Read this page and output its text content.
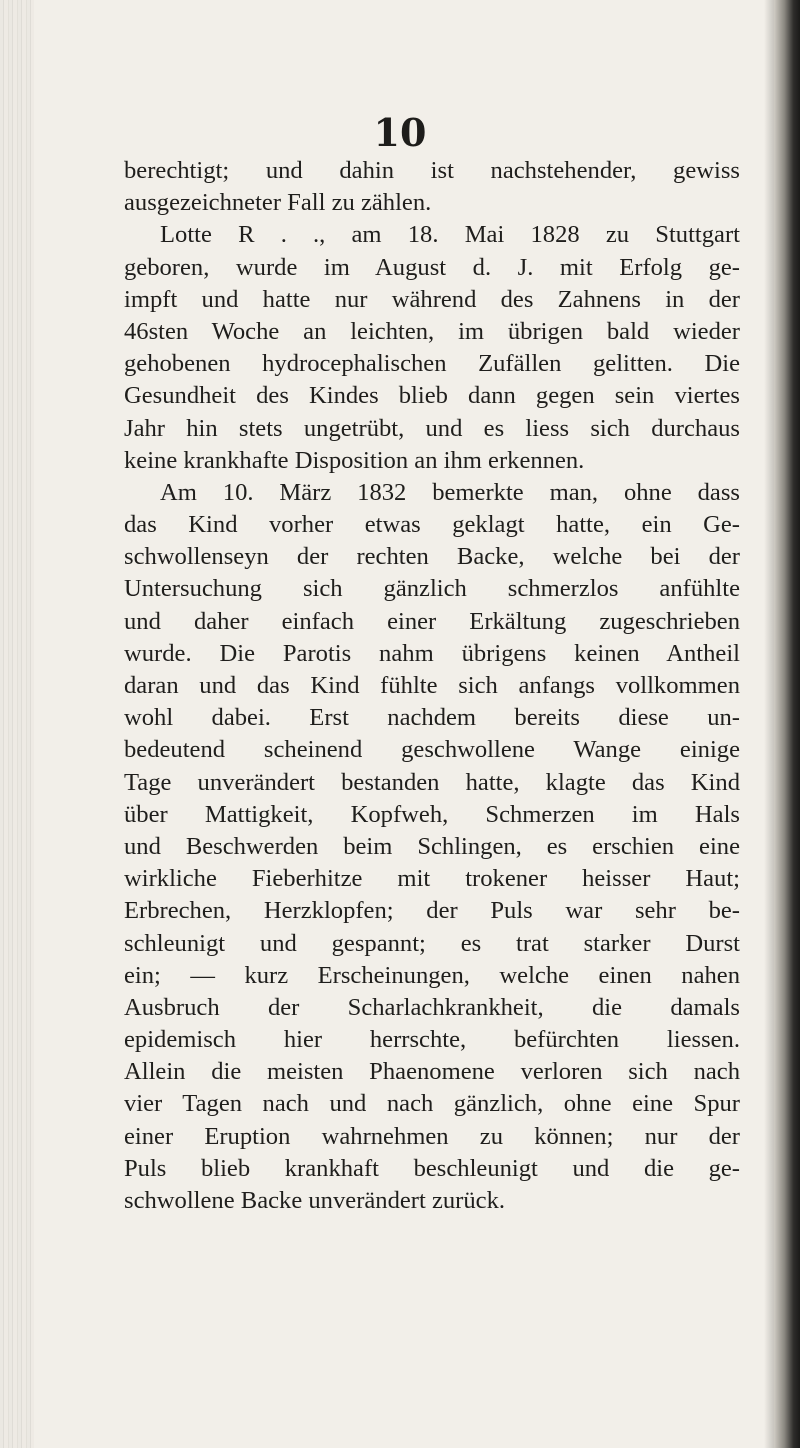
10
berechtigt; und dahin ist nachstehender, gewiss
ausgezeichneter Fall zu zählen.
Lotte R . ., am 18. Mai 1828 zu Stuttgart
geboren, wurde im August d. J. mit Erfolg ge-
impft und hatte nur während des Zahnens in der
46sten Woche an leichten, im übrigen bald wieder
gehobenen hydrocephalischen Zufällen gelitten. Die
Gesundheit des Kindes blieb dann gegen sein viertes
Jahr hin stets ungetrübt, und es liess sich durchaus
keine krankhafte Disposition an ihm erkennen.
Am 10. März 1832 bemerkte man, ohne dass
das Kind vorher etwas geklagt hatte, ein Ge-
schwollenseyn der rechten Backe, welche bei der
Untersuchung sich gänzlich schmerzlos anfühlte
und daher einfach einer Erkältung zugeschrieben
wurde. Die Parotis nahm übrigens keinen Antheil
daran und das Kind fühlte sich anfangs vollkommen
wohl dabei. Erst nachdem bereits diese un-
bedeutend scheinend geschwollene Wange einige
Tage unverändert bestanden hatte, klagte das Kind
über Mattigkeit, Kopfweh, Schmerzen im Hals
und Beschwerden beim Schlingen, es erschien eine
wirkliche Fieberhitze mit trokener heisser Haut;
Erbrechen, Herzklopfen; der Puls war sehr be-
schleunigt und gespannt; es trat starker Durst
ein; — kurz Erscheinungen, welche einen nahen
Ausbruch der Scharlachkrankheit, die damals
epidemisch hier herrschte, befürchten liessen.
Allein die meisten Phaenomene verloren sich nach
vier Tagen nach und nach gänzlich, ohne eine Spur
einer Eruption wahrnehmen zu können; nur der
Puls blieb krankhaft beschleunigt und die ge-
schwollene Backe unverändert zurück.
